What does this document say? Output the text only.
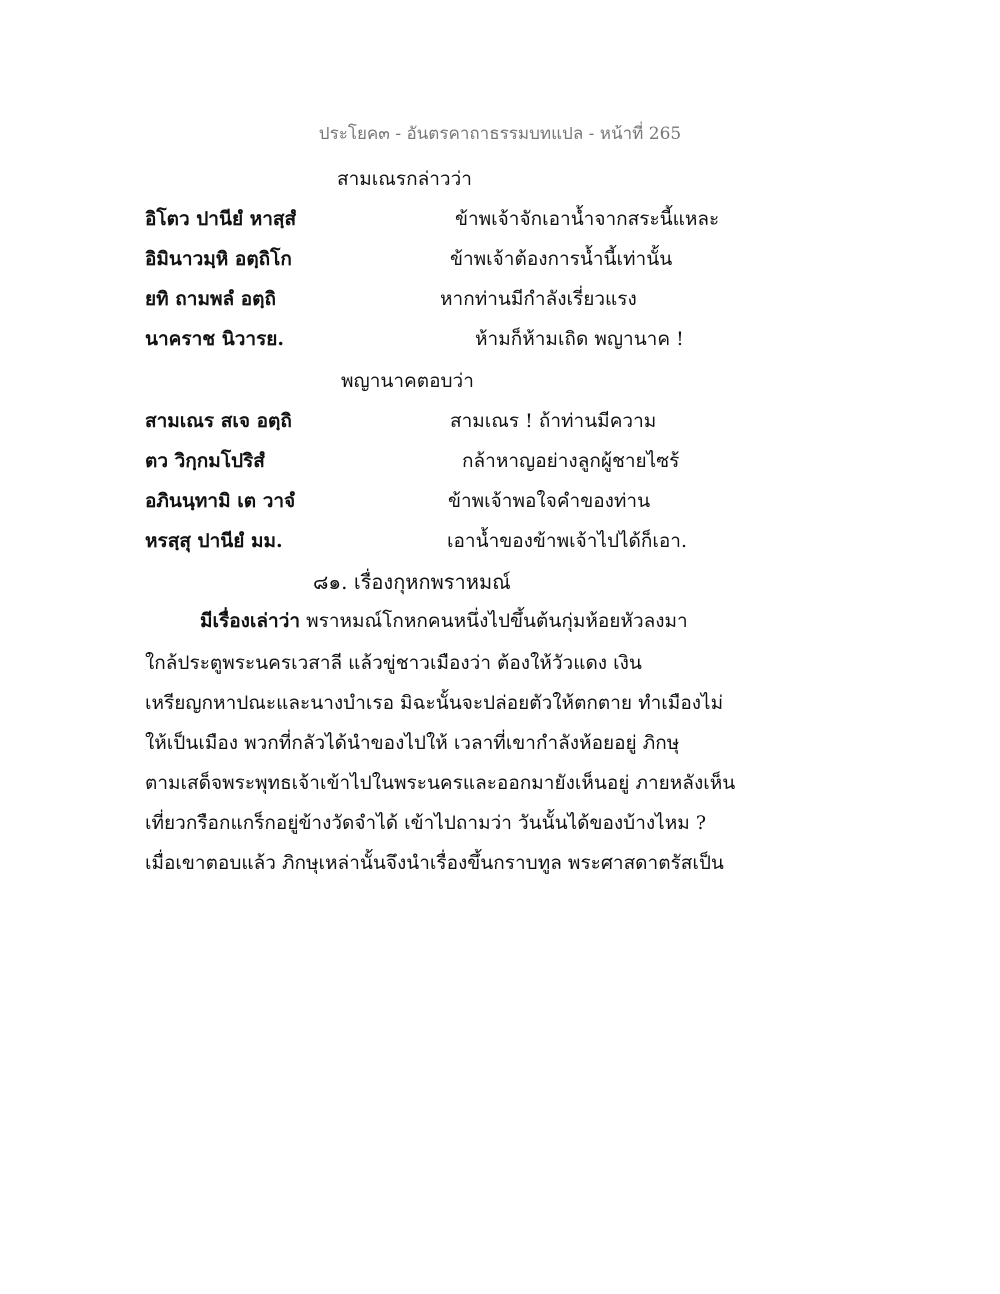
ประโยค๓ - อันตรคาถาธรรมบทแปล - หน้าที่ 265
สามเณรกล่าวว่า
อิโตว ปานียํ หาสฺสํ	ข้าพเจ้าจักเอาน้ำจากสระนี้แหละ
อิมินาวมฺหิ อตฺถิโก	ข้าพเจ้าต้องการน้ำนี้เท่านั้น
ยทิ ถามพลํ อตฺถิ	หากท่านมีกำลังเรี่ยวแรง
นาคราช นิวารย.	ห้ามก็ห้ามเถิด พญานาค !
พญานาคตอบว่า
สามเณร สเจ อตฺถิ	สามเณร ! ถ้าท่านมีความ
ตว วิกฺกมโปริสํ	กล้าหาญอย่างลูกผู้ชายไซร้
อภินนฺทามิ เต วาจํ	ข้าพเจ้าพอใจคำของท่าน
หรสฺสุ ปานียํ มม.	เอาน้ำของข้าพเจ้าไปได้ก็เอา.
๘๑. เรื่องกุหกพราหมณ์
มีเรื่องเล่าว่า พราหมณ์โกหกคนหนึ่งไปขึ้นต้นกุ่มห้อยหัวลงมา
ใกล้ประตูพระนครเวสาลี แล้วขู่ชาวเมืองว่า ต้องให้วัวแดง เงิน
เหรียญกหาปณะและนางบำเรอ มิฉะนั้นจะปล่อยตัวให้ตกตาย ทำเมืองไม่
ให้เป็นเมือง พวกที่กลัวได้นำของไปให้ เวลาที่เขากำลังห้อยอยู่ ภิกษุ
ตามเสด็จพระพุทธเจ้าเข้าไปในพระนครและออกมายังเห็นอยู่ ภายหลังเห็น
เที่ยวกรือกแกร็กอยู่ข้างวัดจำได้ เข้าไปถามว่า วันนั้นได้ของบ้างไหม ?
เมื่อเขาตอบแล้ว ภิกษุเหล่านั้นจึงนำเรื่องขึ้นกราบทูล พระศาสดาตรัสเป็น
